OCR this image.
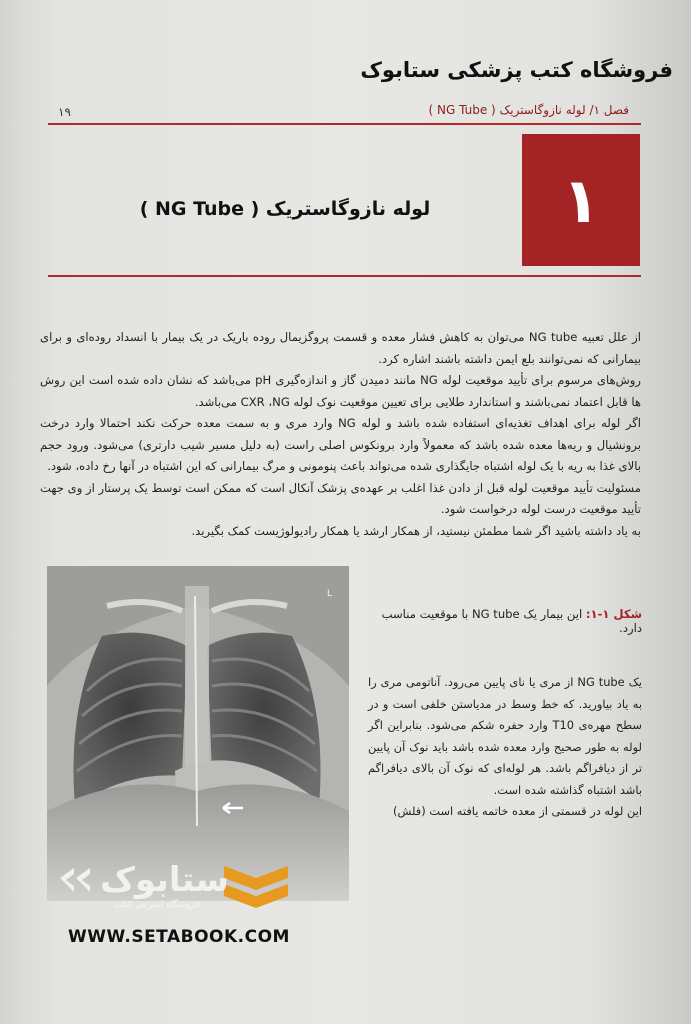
فروشگاه کتب پزشکی ستابوک
۱۹	فصل ۱/ لوله نازوگاستریک ( NG Tube )
۱
لوله نازوگاستریک ( NG Tube )

از علل تعبیه NG tube می‌توان به کاهش فشار معده و قسمت پروگزیمال روده باریک در یک بیمار با انسداد روده‌ای و برای بیمارانی که نمی‌توانند بلع ایمن داشته باشند اشاره کرد.

روش‌های مرسوم برای تأیید موقعیت لوله NG مانند دمیدن گاز و اندازه‌گیری pH می‌باشد که نشان داده شده است این روش ها قابل اعتماد نمی‌باشند و استاندارد طلایی برای تعیین موقعیت نوک لوله CXR ،NG می‌باشد.

اگر لوله برای اهداف تغذیه‌ای استفاده شده باشد و لوله NG وارد مری و به سمت معده حرکت نکند احتمالا وارد درخت برونشیال و ریه‌ها معده شده باشد که معمولاً وارد برونکوس اصلی راست (به دلیل مسیر شیب دارتری) می‌شود. ورود حجم بالای غذا به ریه با یک لوله اشتباه جایگذاری شده می‌تواند باعث پنومونی و مرگ بیمارانی که این اشتباه در آنها رخ داده، شود.

مسئولیت تأیید موقعیت لوله قبل از دادن غذا اغلب بر عهده‌ی پزشک آنکال است که ممکن است توسط یک پرستار از وی جهت تأیید موقعیت درست لوله درخواست شود.

به یاد داشته باشید اگر شما مطمئن نیستید، از همکار ارشد یا همکار رادیولوژیست کمک بگیرید.

L
شکل ۱-۱: این بیمار یک NG tube با موقعیت مناسب دارد.

یک NG tube از مری یا نای پایین می‌رود. آناتومی مری را به یاد بیاورید. که خط وسط در مدیاستن خلفی است و در سطح مهره‌ی T10 وارد حفره شکم می‌شود. بنابراین اگر لوله به طور صحیح وارد معده شده باشد باید نوک آن پایین تر از دیافراگم باشد. هر لوله‌ای که نوک آن بالای دیافراگم باشد اشتباه گذاشته شده است.

این لوله در قسمتی از معده خاتمه یافته است (فلش)

ستابوک
فروشگاه اینترنتی کتاب
WWW.SETABOOK.COM
